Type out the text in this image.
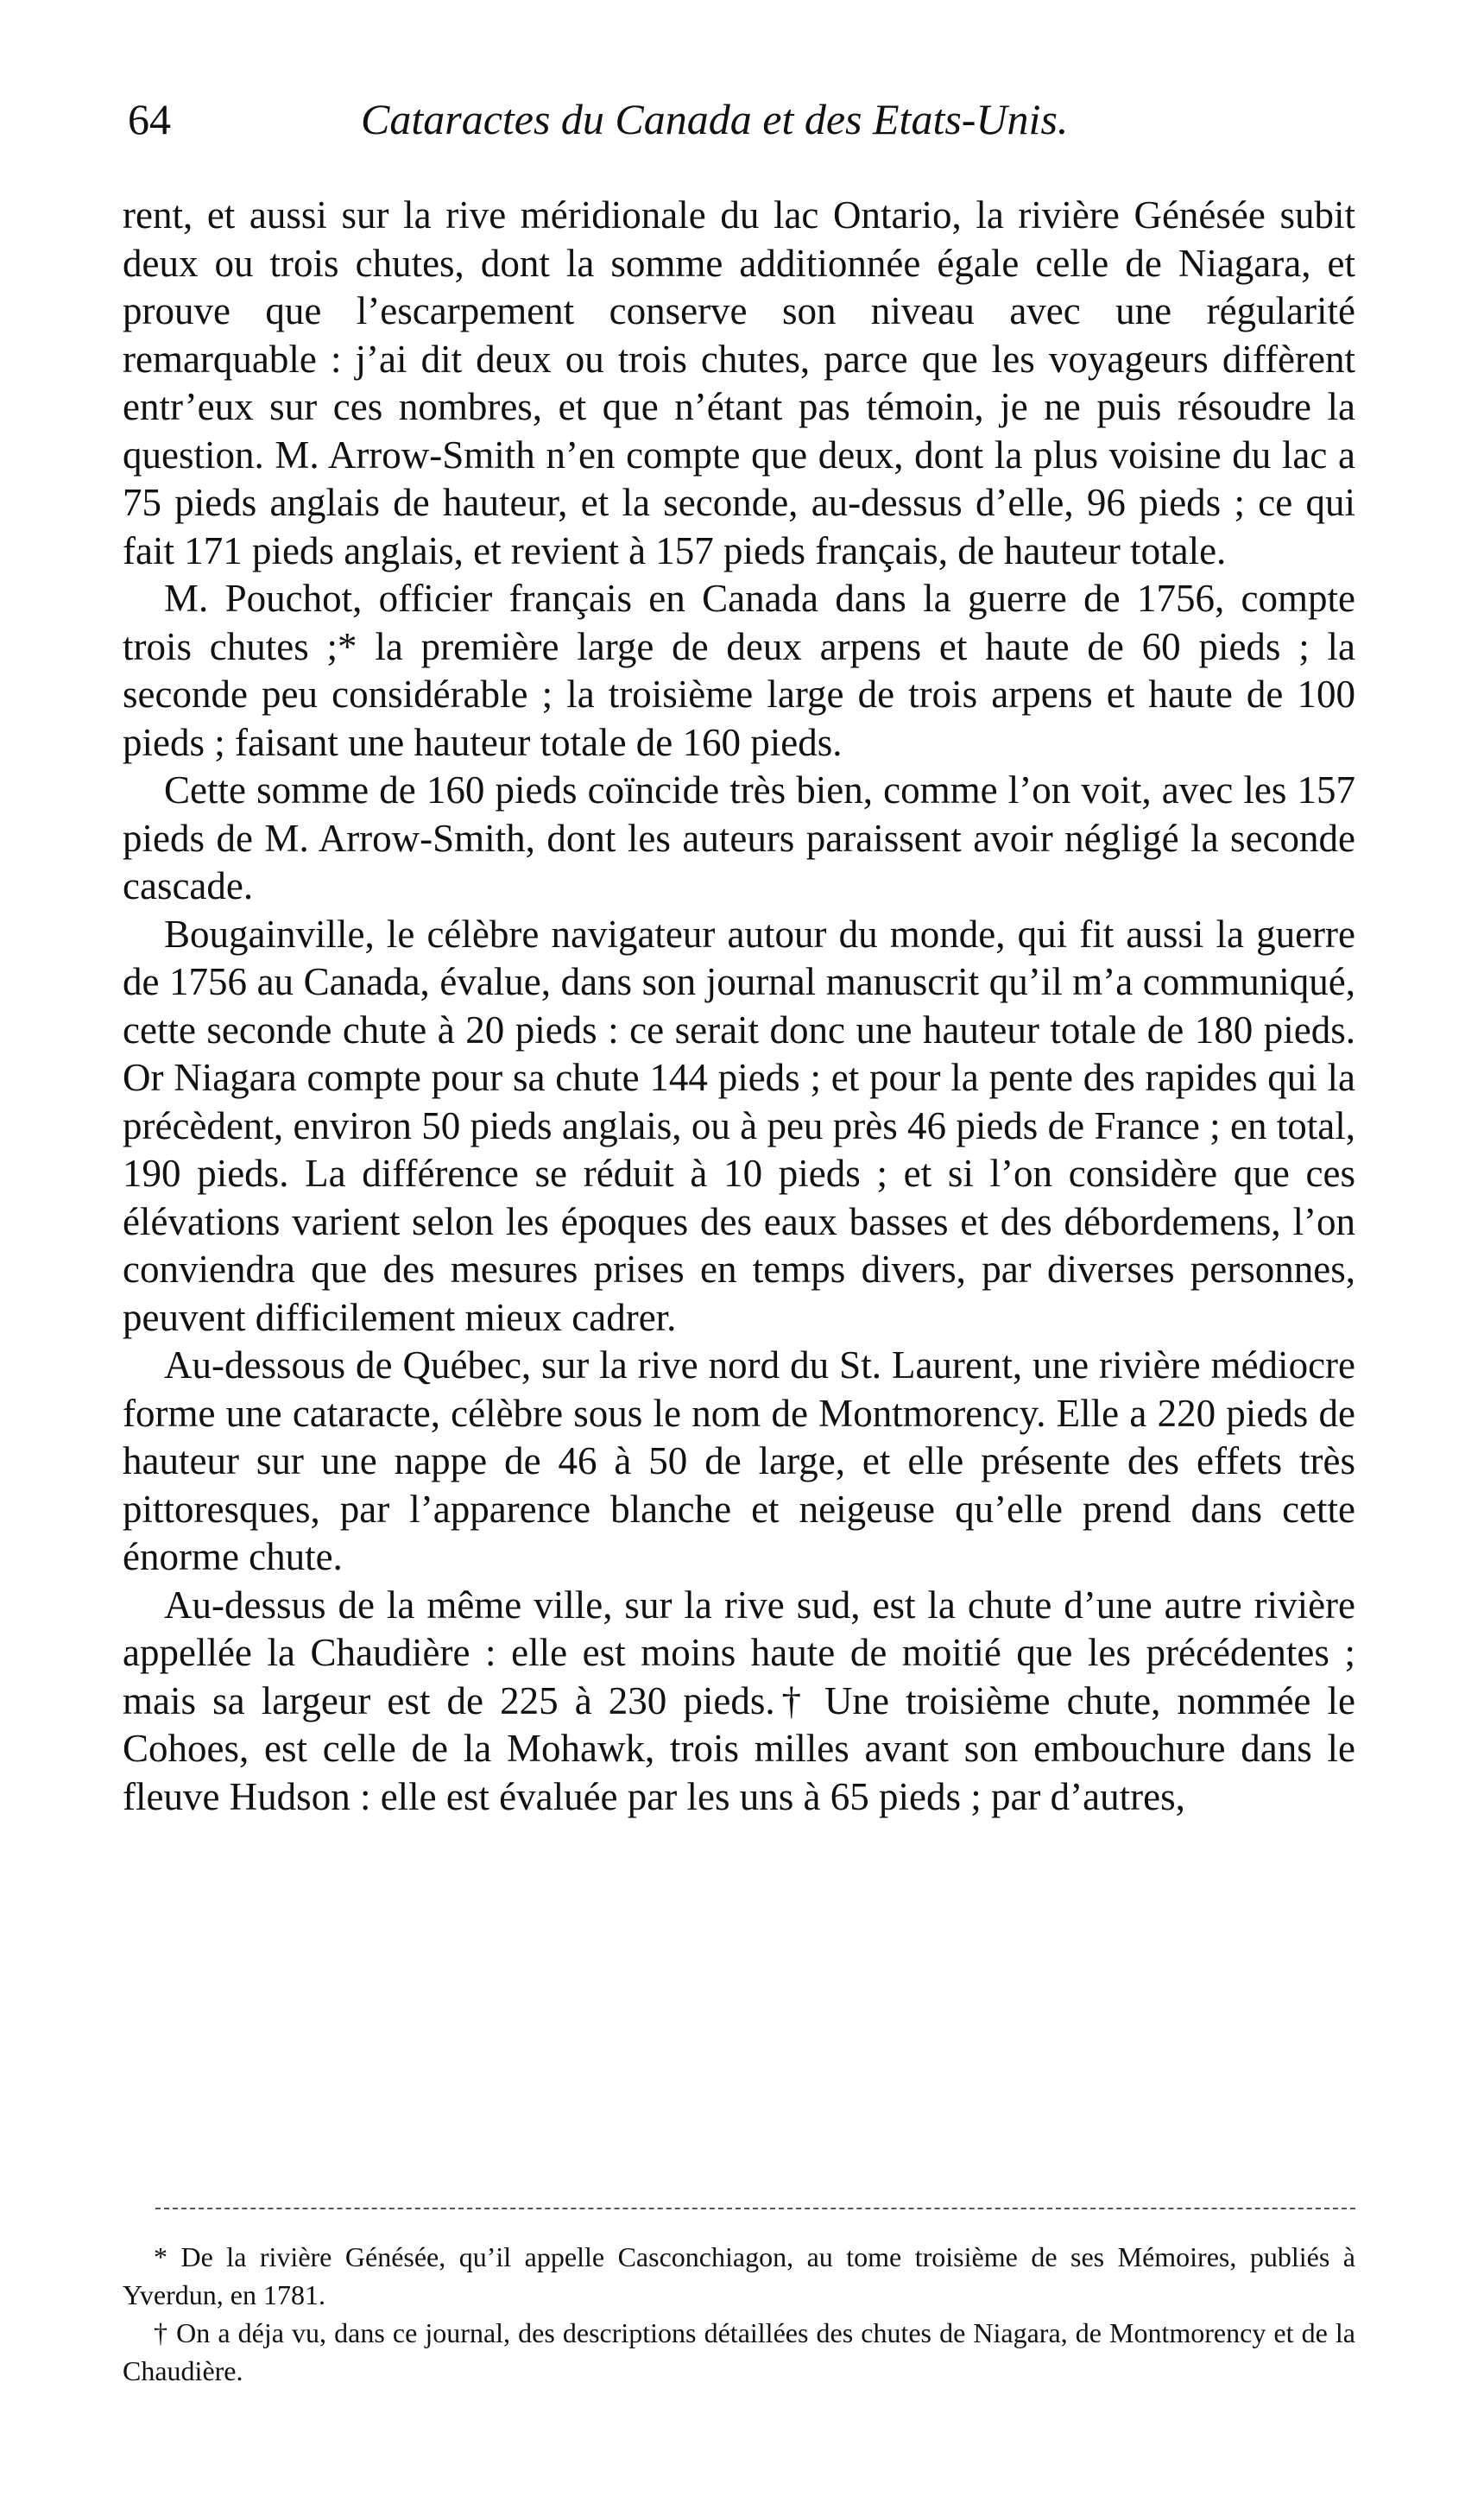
64	Cataractes du Canada et des Etats-Unis.

rent, et aussi sur la rive méridionale du lac Ontario, la rivière Génésée subit deux ou trois chutes, dont la somme additionnée égale celle de Niagara, et prouve que l’escarpement conserve son niveau avec une régularité remarquable : j’ai dit deux ou trois chutes, parce que les voyageurs diffèrent entr’eux sur ces nombres, et que n’étant pas témoin, je ne puis résoudre la question. M. Arrow-Smith n’en compte que deux, dont la plus voisine du lac a 75 pieds anglais de hauteur, et la seconde, au-dessus d’elle, 96 pieds ; ce qui fait 171 pieds anglais, et revient à 157 pieds français, de hauteur totale.

M. Pouchot, officier français en Canada dans la guerre de 1756, compte trois chutes ;* la première large de deux arpens et haute de 60 pieds ; la seconde peu considérable ; la troisième large de trois arpens et haute de 100 pieds ; faisant une hauteur totale de 160 pieds.

Cette somme de 160 pieds coïncide très bien, comme l’on voit, avec les 157 pieds de M. Arrow-Smith, dont les auteurs paraissent avoir négligé la seconde cascade.

Bougainville, le célèbre navigateur autour du monde, qui fit aussi la guerre de 1756 au Canada, évalue, dans son journal manuscrit qu’il m’a communiqué, cette seconde chute à 20 pieds : ce serait donc une hauteur totale de 180 pieds. Or Niagara compte pour sa chute 144 pieds ; et pour la pente des rapides qui la précèdent, environ 50 pieds anglais, ou à peu près 46 pieds de France ; en total, 190 pieds. La différence se réduit à 10 pieds ; et si l’on considère que ces élévations varient selon les époques des eaux basses et des débordemens, l’on conviendra que des mesures prises en temps divers, par diverses personnes, peuvent difficilement mieux cadrer.

Au-dessous de Québec, sur la rive nord du St. Laurent, une rivière médiocre forme une cataracte, célèbre sous le nom de Montmorency. Elle a 220 pieds de hauteur sur une nappe de 46 à 50 de large, et elle présente des effets très pittoresques, par l’apparence blanche et neigeuse qu’elle prend dans cette énorme chute.

Au-dessus de la même ville, sur la rive sud, est la chute d’une autre rivière appellée la Chaudière : elle est moins haute de moitié que les précédentes ; mais sa largeur est de 225 à 230 pieds.† Une troisième chute, nommée le Cohoes, est celle de la Mohawk, trois milles avant son embouchure dans le fleuve Hudson : elle est évaluée par les uns à 65 pieds ; par d’autres,

* De la rivière Génésée, qu’il appelle Casconchiagon, au tome troisième de ses Mémoires, publiés à Yverdun, en 1781.

† On a déja vu, dans ce journal, des descriptions détaillées des chutes de Niagara, de Montmorency et de la Chaudière.
